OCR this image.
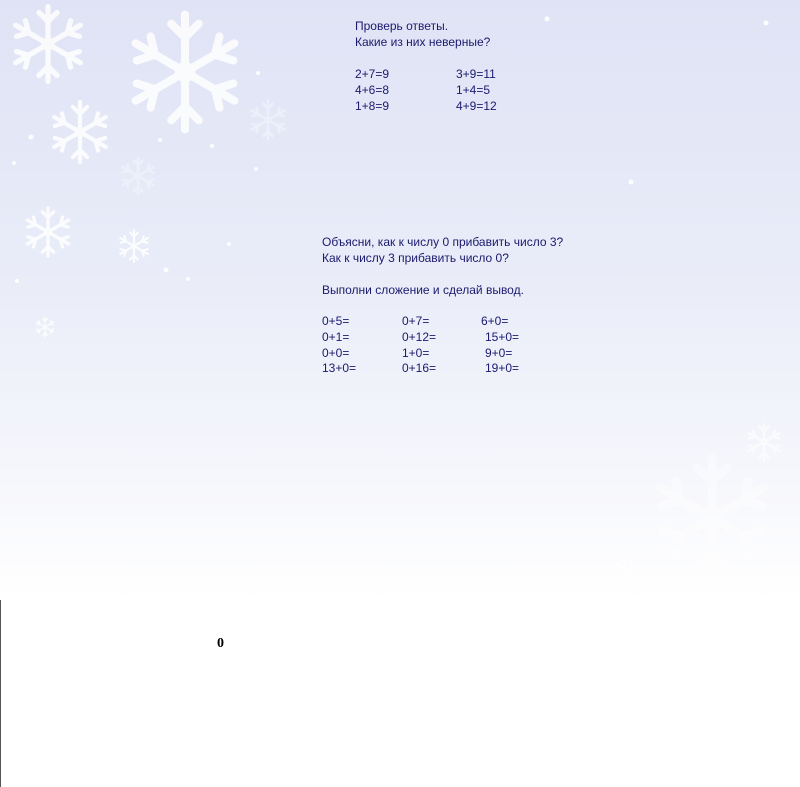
Проверь ответы.
Какие из них неверные?
2+7=9	3+9=11
4+6=8	1+4=5
1+8=9	4+9=12
Объясни, как к числу 0 прибавить число 3?
Как к числу 3 прибавить число 0?
Выполни сложение и сделай вывод.
0+5=	0+7=	6+0=
0+1=	0+12=	15+0=
0+0=	1+0=	9+0=
13+0=	0+16=	19+0=
0
